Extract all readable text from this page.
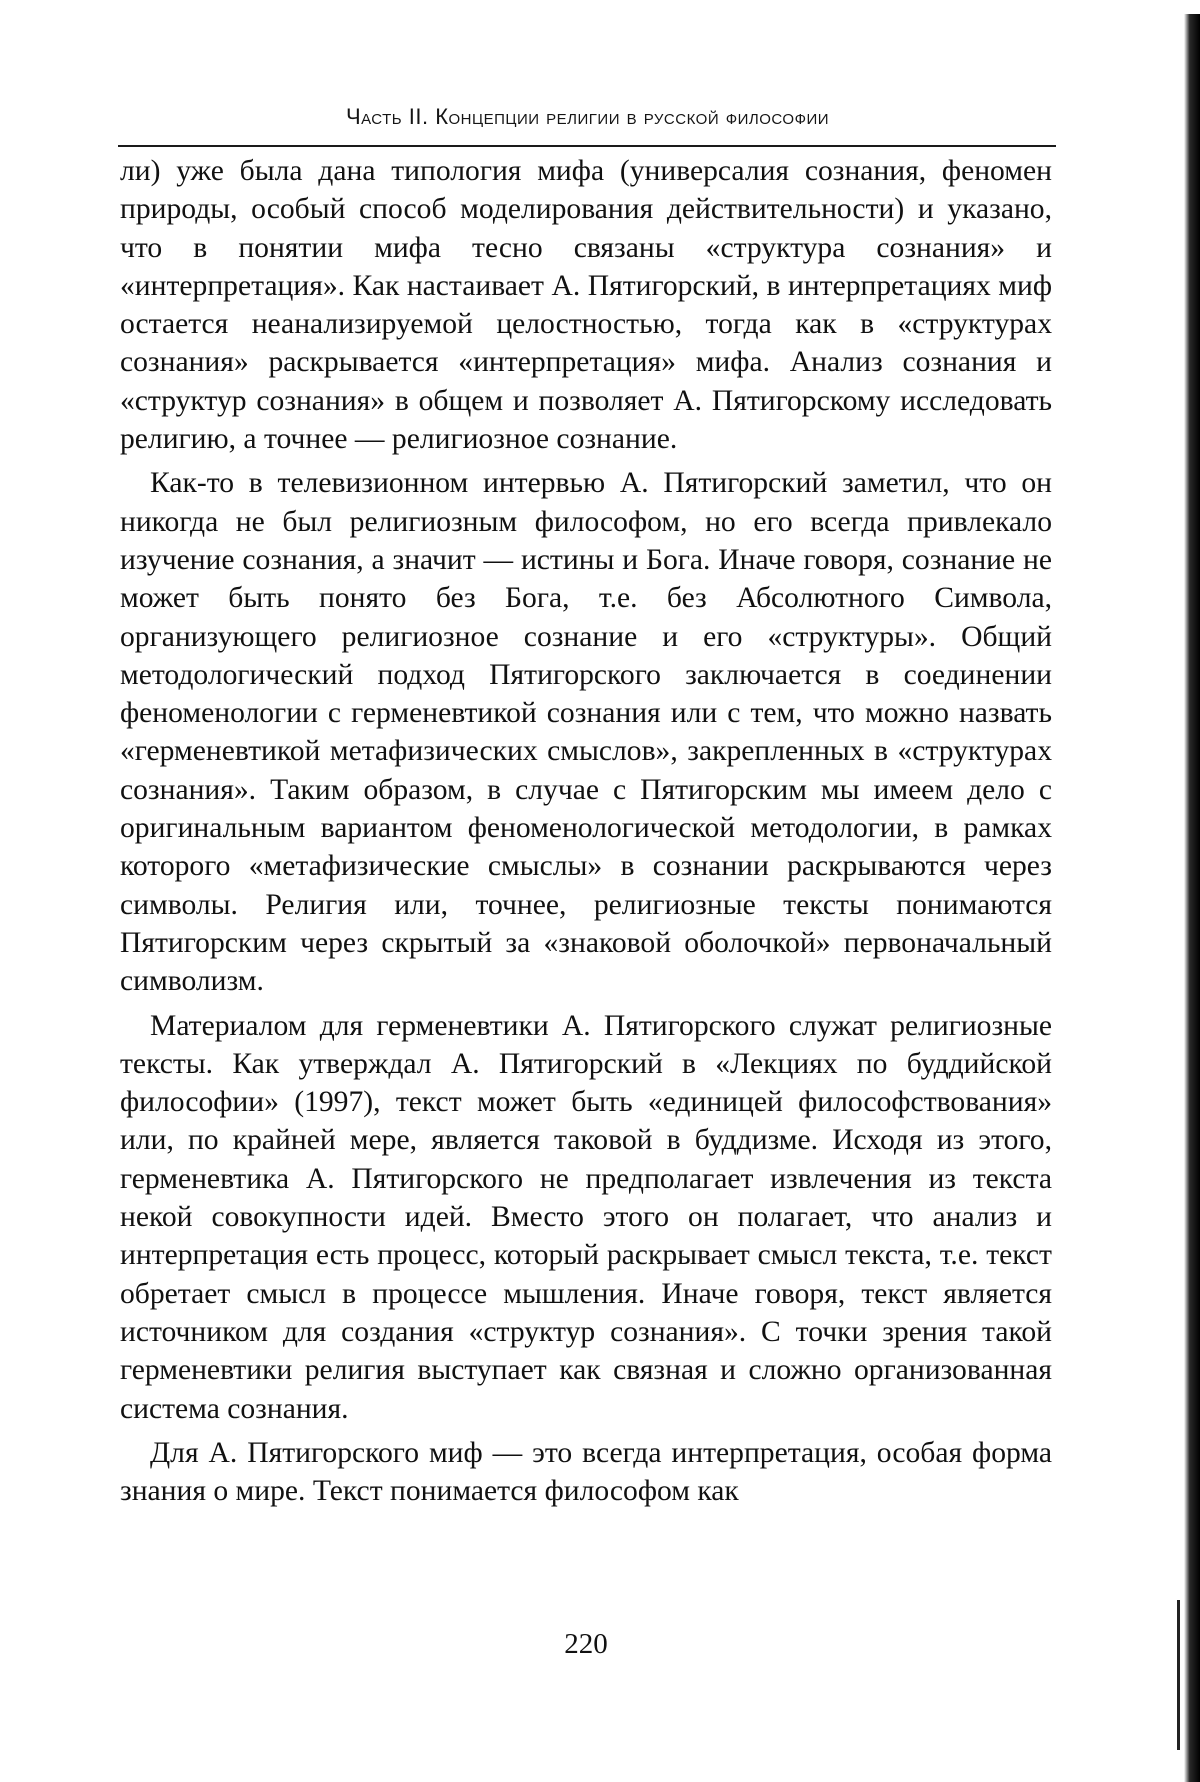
Часть II. Концепции религии в русской философии

ли) уже была дана типология мифа (универсалия сознания, феномен природы, особый способ моделирования действительности) и указано, что в понятии мифа тесно связаны «структура сознания» и «интерпретация». Как настаивает А. Пятигорский, в интерпретациях миф остается неанализируемой целостностью, тогда как в «структурах сознания» раскрывается «интерпретация» мифа. Анализ сознания и «структур сознания» в общем и позволяет А. Пятигорскому исследовать религию, а точнее — религиозное сознание.

Как-то в телевизионном интервью А. Пятигорский заметил, что он никогда не был религиозным философом, но его всегда привлекало изучение сознания, а значит — истины и Бога. Иначе говоря, сознание не может быть понято без Бога, т.е. без Абсолютного Символа, организующего религиозное сознание и его «структуры». Общий методологический подход Пятигорского заключается в соединении феноменологии с герменевтикой сознания или с тем, что можно назвать «герменевтикой метафизических смыслов», закрепленных в «структурах сознания». Таким образом, в случае с Пятигорским мы имеем дело с оригинальным вариантом феноменологической методологии, в рамках которого «метафизические смыслы» в сознании раскрываются через символы. Религия или, точнее, религиозные тексты понимаются Пятигорским через скрытый за «знаковой оболочкой» первоначальный символизм.

Материалом для герменевтики А. Пятигорского служат религиозные тексты. Как утверждал А. Пятигорский в «Лекциях по буддийской философии» (1997), текст может быть «единицей философствования» или, по крайней мере, является таковой в буддизме. Исходя из этого, герменевтика А. Пятигорского не предполагает извлечения из текста некой совокупности идей. Вместо этого он полагает, что анализ и интерпретация есть процесс, который раскрывает смысл текста, т.е. текст обретает смысл в процессе мышления. Иначе говоря, текст является источником для создания «структур сознания». С точки зрения такой герменевтики религия выступает как связная и сложно организованная система сознания.

Для А. Пятигорского миф — это всегда интерпретация, особая форма знания о мире. Текст понимается философом как

220
